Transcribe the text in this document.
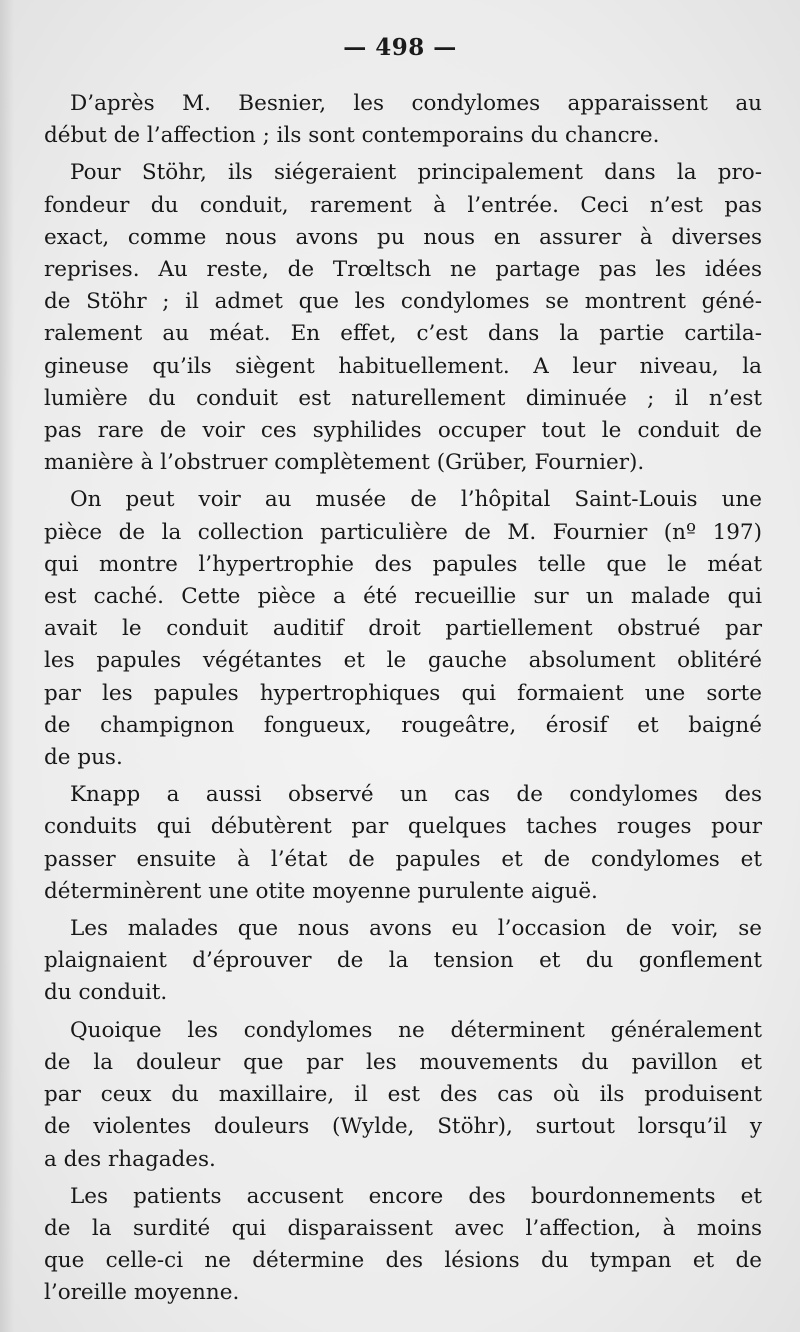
— 498 —

D’après M. Besnier, les condylomes apparaissent au
début de l’affection ; ils sont contemporains du chancre.

Pour Stöhr, ils siégeraient principalement dans la pro-
fondeur du conduit, rarement à l’entrée. Ceci n’est pas
exact, comme nous avons pu nous en assurer à diverses
reprises. Au reste, de Trœltsch ne partage pas les idées
de Stöhr ; il admet que les condylomes se montrent géné-
ralement au méat. En effet, c’est dans la partie cartila-
gineuse qu’ils siègent habituellement. A leur niveau, la
lumière du conduit est naturellement diminuée ; il n’est
pas rare de voir ces syphilides occuper tout le conduit de
manière à l’obstruer complètement (Grüber, Fournier).

On peut voir au musée de l’hôpital Saint-Louis une
pièce de la collection particulière de M. Fournier (nº 197)
qui montre l’hypertrophie des papules telle que le méat
est caché. Cette pièce a été recueillie sur un malade qui
avait le conduit auditif droit partiellement obstrué par
les papules végétantes et le gauche absolument oblitéré
par les papules hypertrophiques qui formaient une sorte
de champignon fongueux, rougeâtre, érosif et baigné
de pus.

Knapp a aussi observé un cas de condylomes des
conduits qui débutèrent par quelques taches rouges pour
passer ensuite à l’état de papules et de condylomes et
déterminèrent une otite moyenne purulente aiguë.

Les malades que nous avons eu l’occasion de voir, se
plaignaient d’éprouver de la tension et du gonflement
du conduit.

Quoique les condylomes ne déterminent généralement
de la douleur que par les mouvements du pavillon et
par ceux du maxillaire, il est des cas où ils produisent
de violentes douleurs (Wylde, Stöhr), surtout lorsqu’il y
a des rhagades.

Les patients accusent encore des bourdonnements et
de la surdité qui disparaissent avec l’affection, à moins
que celle-ci ne détermine des lésions du tympan et de
l’oreille moyenne.
